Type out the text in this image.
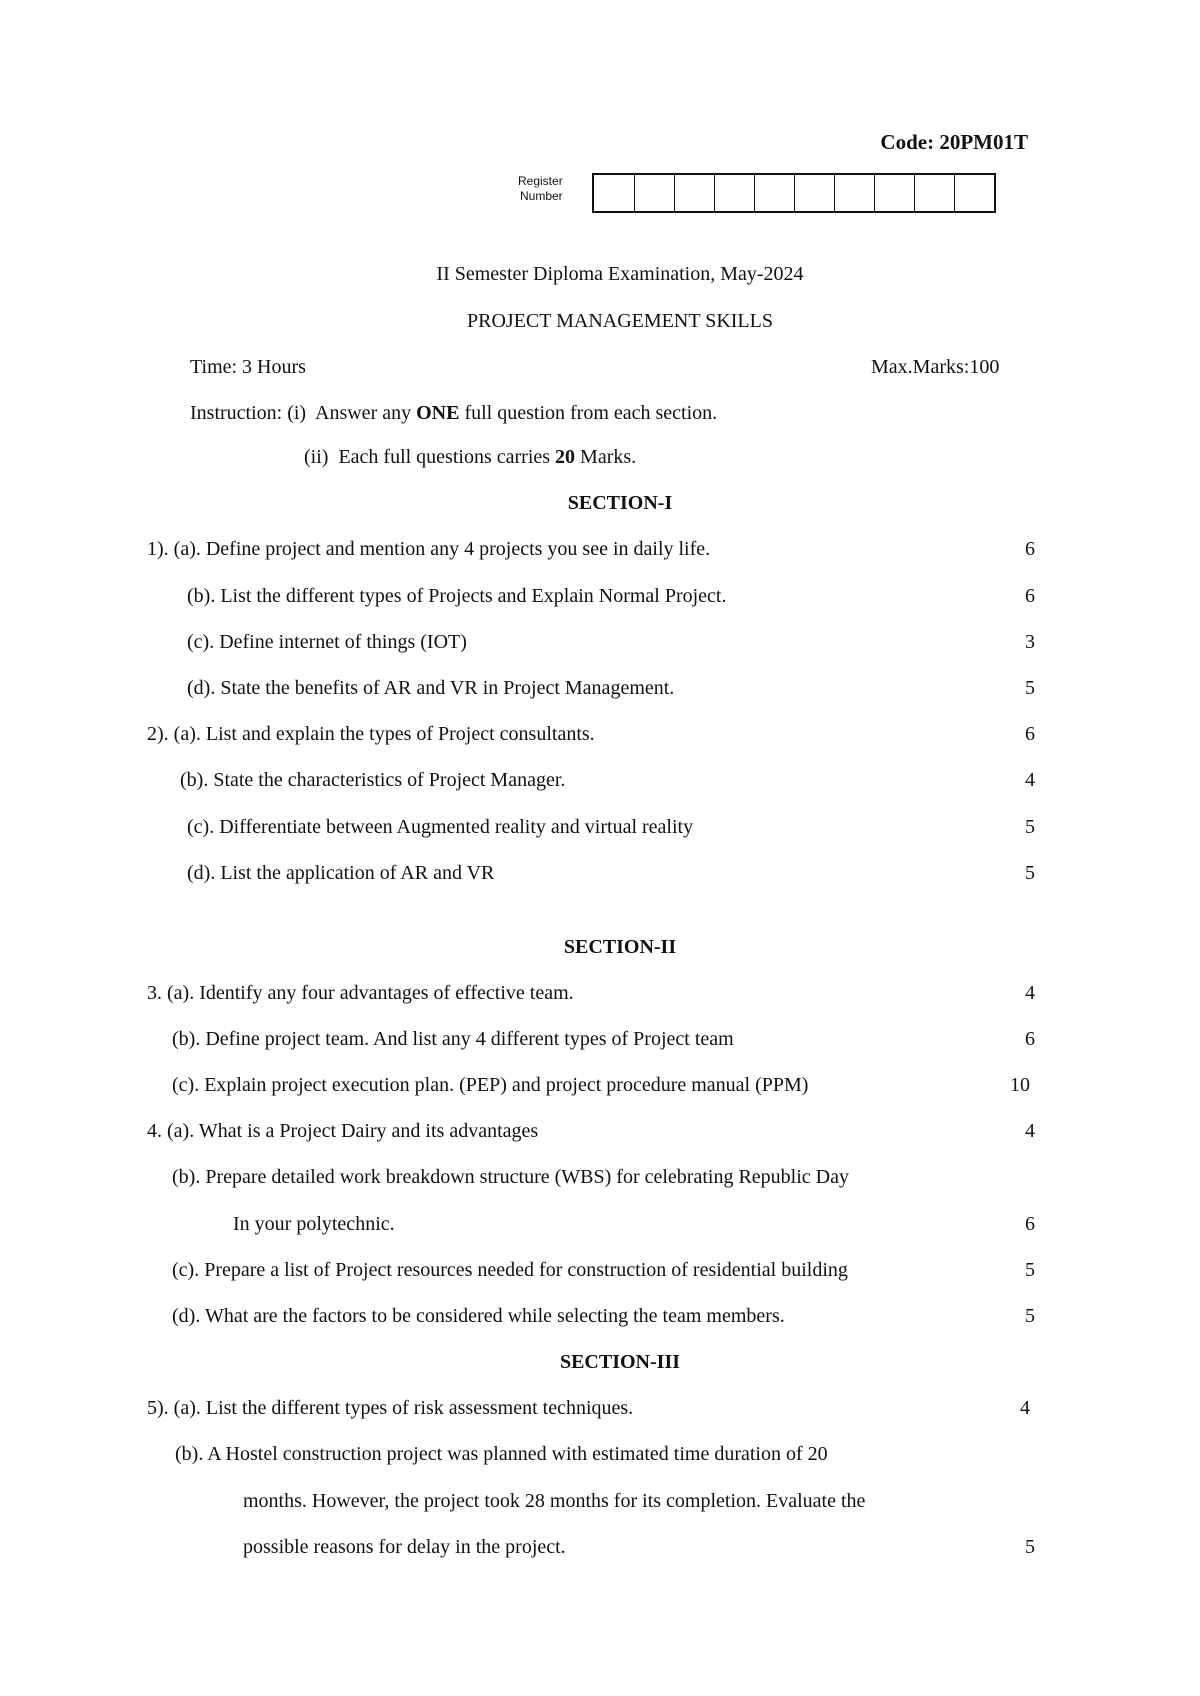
Code: 20PM01T
Register
Number
II Semester Diploma Examination, May-2024
PROJECT MANAGEMENT SKILLS
Time: 3 Hours	Max.Marks:100
Instruction: (i) Answer any ONE full question from each section.
(ii) Each full questions carries 20 Marks.
SECTION-I
1). (a). Define project and mention any 4 projects you see in daily life.	6
(b). List the different types of Projects and Explain Normal Project.	6
(c). Define internet of things (IOT)	3
(d). State the benefits of AR and VR in Project Management.	5
2). (a). List and explain the types of Project consultants.	6
(b). State the characteristics of Project Manager.	4
(c). Differentiate between Augmented reality and virtual reality	5
(d). List the application of AR and VR	5
SECTION-II
3. (a). Identify any four advantages of effective team.	4
(b). Define project team. And list any 4 different types of Project team	6
(c). Explain project execution plan. (PEP) and project procedure manual (PPM)	10
4. (a). What is a Project Dairy and its advantages	4
(b). Prepare detailed work breakdown structure (WBS) for celebrating Republic Day
In your polytechnic.	6
(c). Prepare a list of Project resources needed for construction of residential building	5
(d). What are the factors to be considered while selecting the team members.	5
SECTION-III
5). (a). List the different types of risk assessment techniques.	4
(b). A Hostel construction project was planned with estimated time duration of 20
months. However, the project took 28 months for its completion. Evaluate the
possible reasons for delay in the project.	5
